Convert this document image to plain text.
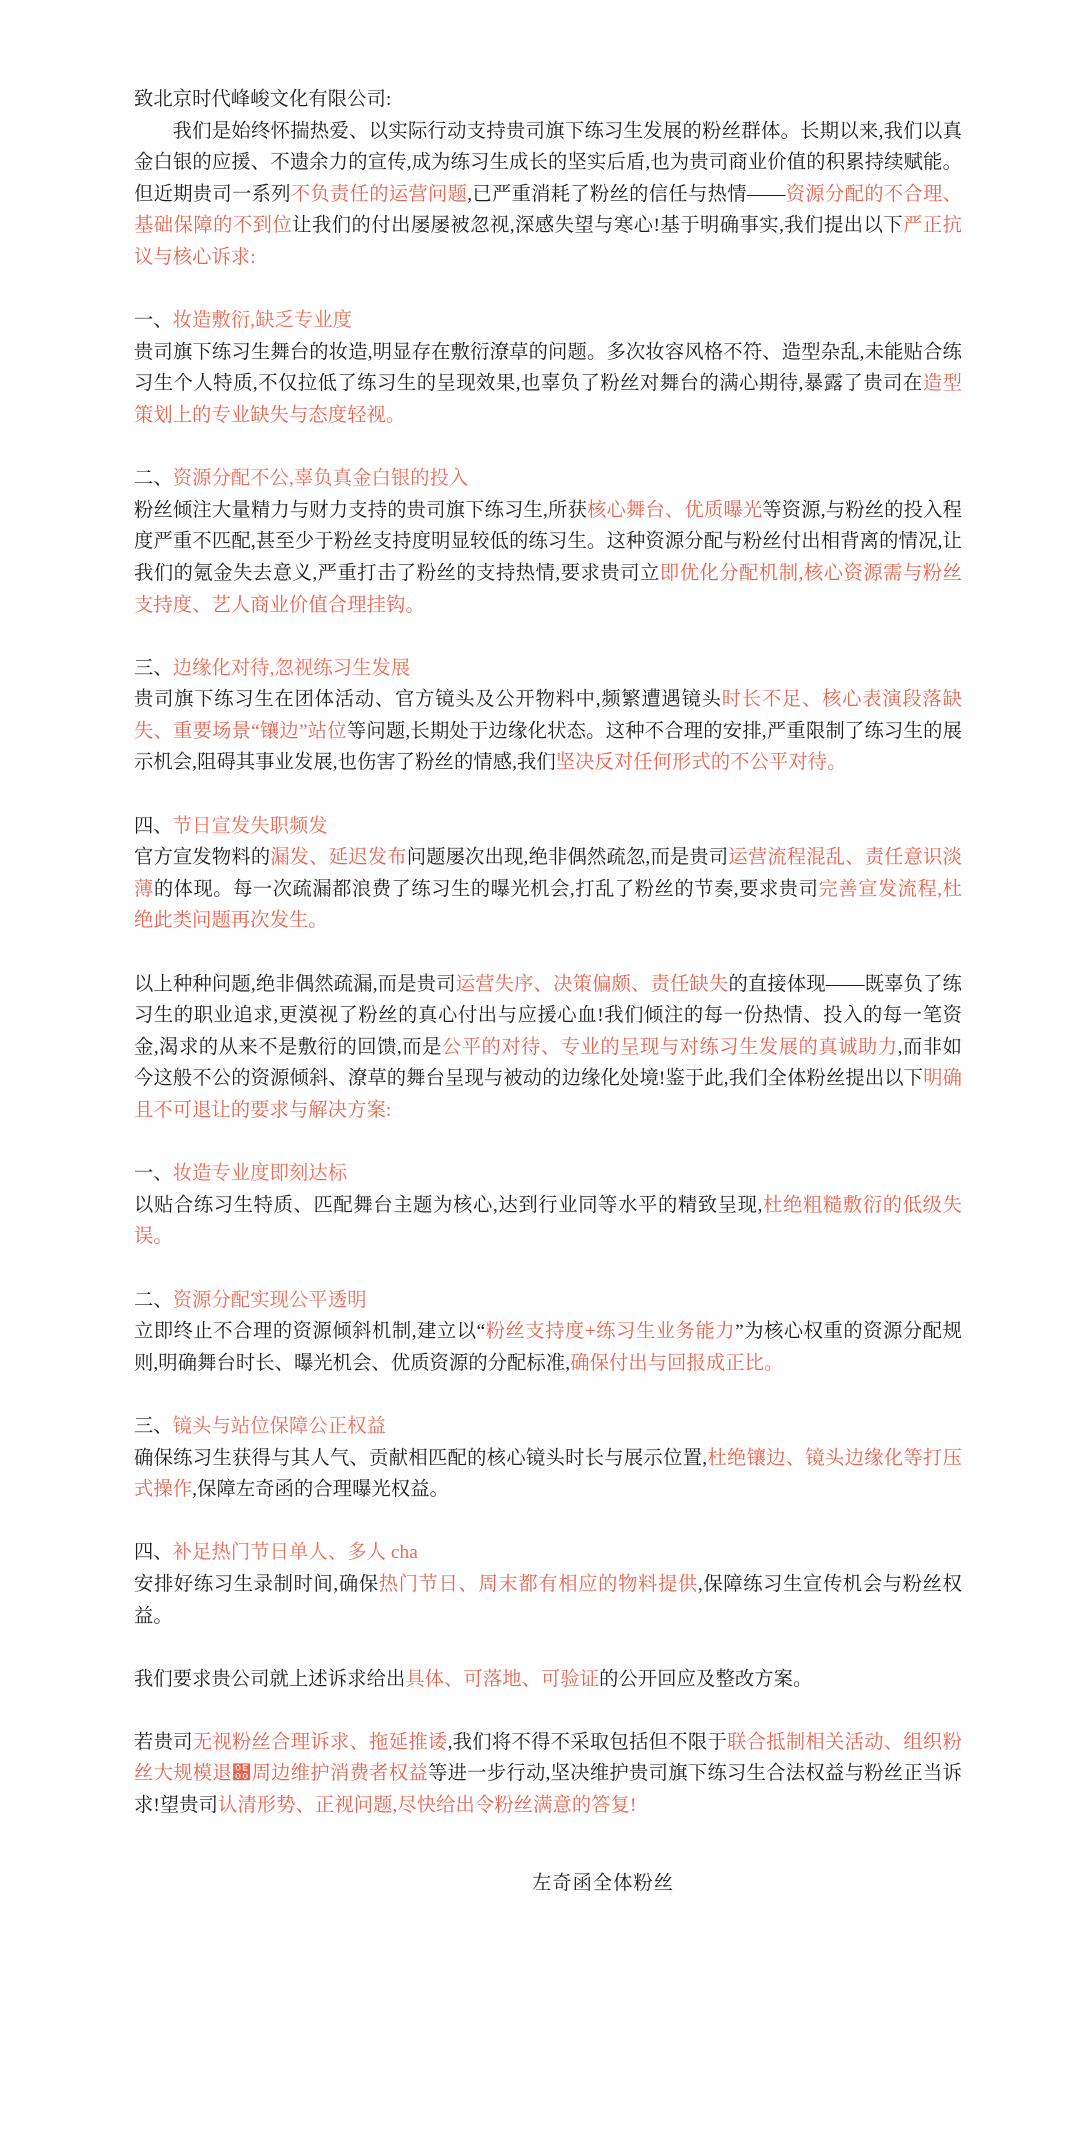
致北京时代峰峻文化有限公司:

我们是始终怀揣热爱、以实际行动支持贵司旗下练习生发展的粉丝群体。长期以来,我们以真金白银的应援、不遗余力的宣传,成为练习生成长的坚实后盾,也为贵司商业价值的积累持续赋能。但近期贵司一系列不负责任的运营问题,已严重消耗了粉丝的信任与热情——资源分配的不合理、基础保障的不到位让我们的付出屡屡被忽视,深感失望与寒心!基于明确事实,我们提出以下严正抗议与核心诉求:

一、妆造敷衍,缺乏专业度

贵司旗下练习生舞台的妆造,明显存在敷衍潦草的问题。多次妆容风格不符、造型杂乱,未能贴合练习生个人特质,不仅拉低了练习生的呈现效果,也辜负了粉丝对舞台的满心期待,暴露了贵司在造型策划上的专业缺失与态度轻视。

二、资源分配不公,辜负真金白银的投入

粉丝倾注大量精力与财力支持的贵司旗下练习生,所获核心舞台、优质曝光等资源,与粉丝的投入程度严重不匹配,甚至少于粉丝支持度明显较低的练习生。这种资源分配与粉丝付出相背离的情况,让我们的氪金失去意义,严重打击了粉丝的支持热情,要求贵司立即优化分配机制,核心资源需与粉丝支持度、艺人商业价值合理挂钩。

三、边缘化对待,忽视练习生发展

贵司旗下练习生在团体活动、官方镜头及公开物料中,频繁遭遇镜头时长不足、核心表演段落缺失、重要场景“镶边”站位等问题,长期处于边缘化状态。这种不合理的安排,严重限制了练习生的展示机会,阻碍其事业发展,也伤害了粉丝的情感,我们坚决反对任何形式的不公平对待。

四、节日宣发失职频发

官方宣发物料的漏发、延迟发布问题屡次出现,绝非偶然疏忽,而是贵司运营流程混乱、责任意识淡薄的体现。每一次疏漏都浪费了练习生的曝光机会,打乱了粉丝的节奏,要求贵司完善宣发流程,杜绝此类问题再次发生。

以上种种问题,绝非偶然疏漏,而是贵司运营失序、决策偏颇、责任缺失的直接体现——既辜负了练习生的职业追求,更漠视了粉丝的真心付出与应援心血!我们倾注的每一份热情、投入的每一笔资金,渴求的从来不是敷衍的回馈,而是公平的对待、专业的呈现与对练习生发展的真诚助力,而非如今这般不公的资源倾斜、潦草的舞台呈现与被动的边缘化处境!鉴于此,我们全体粉丝提出以下明确且不可退让的要求与解决方案:

一、妆造专业度即刻达标

以贴合练习生特质、匹配舞台主题为核心,达到行业同等水平的精致呈现,杜绝粗糙敷衍的低级失误。

二、资源分配实现公平透明

立即终止不合理的资源倾斜机制,建立以“粉丝支持度+练习生业务能力”为核心权重的资源分配规则,明确舞台时长、曝光机会、优质资源的分配标准,确保付出与回报成正比。

三、镜头与站位保障公正权益

确保练习生获得与其人气、贡献相匹配的核心镜头时长与展示位置,杜绝镶边、镜头边缘化等打压式操作,保障左奇函的合理曝光权益。

四、补足热门节日单人、多人 cha

安排好练习生录制时间,确保热门节日、周末都有相应的物料提供,保障练习生宣传机会与粉丝权益。

我们要求贵公司就上述诉求给出具体、可落地、可验证的公开回应及整改方案。

若贵司无视粉丝合理诉求、拖延推诿,我们将不得不采取包括但不限于联合抵制相关活动、组织粉丝大规模退฀周边维护消费者权益等进一步行动,坚决维护贵司旗下练习生合法权益与粉丝正当诉求!望贵司认清形势、正视问题,尽快给出令粉丝满意的答复!

左奇函全体粉丝
